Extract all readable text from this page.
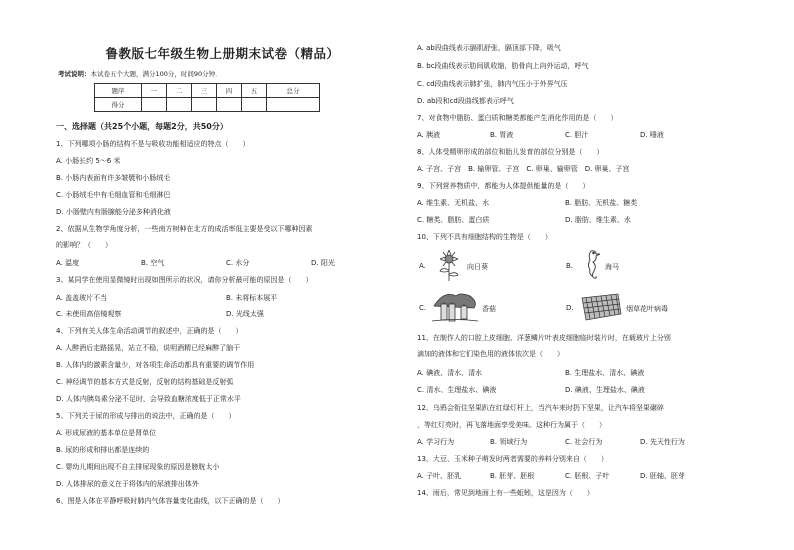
鲁教版七年级生物上册期末试卷（精品）
考试说明：本试卷五个大题，满分100分，时间90分钟．
题序	一	二	三	四	五	总分
得分						
一、选择题（共25个小题，每题2分，共50分）
1、下列哪项小肠的结构不是与吸收功能相适应的特点（　　）
A. 小肠长约 5～6 米
B. 小肠内表面有许多皱襞和小肠绒毛
C. 小肠绒毛中有毛细血管和毛细淋巴
D. 小肠壁内有肠腺能分泌多种消化液
2、依据从生物学角度分析，一些南方树种在北方的成活率低主要是受以下哪种因素
的影响？（　　）
A. 温度	B. 空气	C. 水分	D. 阳光
3、某同学在使用显微镜时出现如图所示的状况，请你分析最可能的原因是（　　）
A. 盖盖玻片不当	B. 未将标本展平
C. 未使用高倍镜观察	D. 光线太强
4、下列有关人体生命活动调节的叙述中，正确的是（　　）
A. 人醉酒后走路摇晃，站立不稳，说明酒精已经麻醉了脑干
B. 人体内的激素含量少，对各项生命活动都具有重要的调节作用
C. 神经调节的基本方式是反射，反射的结构基础是反射弧
D. 人体内胰岛素分泌不足时，会导致血糖浓度低于正常水平
5、下列关于尿的形成与排出的说法中，正确的是（　　）
A. 形成尿液的基本单位是肾单位
B. 尿的形成和排出都是连续的
C. 婴幼儿期间出现不自主排尿现象的原因是膀胱太小
D. 人体排尿的意义在于将体内的尿液排出体外
6、图是人体在平静呼吸时肺内气体容量变化曲线，以下正确的是（　　）
A. ab段曲线表示膈肌舒张，膈顶部下降，吸气
B. bc段曲线表示肋间肌收缩，肋骨向上向外运动，呼气
C. cd段曲线表示肺扩张，肺内气压小于外界气压
D. ab段和cd段曲线都表示呼气
7、对食物中脂肪、蛋白质和糖类都能产生消化作用的是（　　）
A. 胰液	B. 胃液	C. 胆汁	D. 唾液
8、人体受精卵形成的部位和胎儿发育的部位分别是（　　）
A. 子宫、子宫　B. 输卵管、子宫　C. 卵巢、输卵管　D. 卵巢、子宫
9、下列营养物质中，都能为人体提供能量的是（　　）
A. 维生素、无机盐、水	B. 脂肪、无机盐、糖类
C. 糖类、脂肪、蛋白质	D. 脂肪、维生素、水
10、下列不具有细胞结构的生物是（　　）
A.	向日葵	B.	海马
C.	香菇	D.	烟草花叶病毒
11、在制作人的口腔上皮细胞、洋葱鳞片叶表皮细胞临时装片时，在载玻片上分别
滴加的液体和它们染色用的液体依次是（　　）
A. 碘液、清水、清水	B. 生理盐水、清水、碘液
C. 清水、生理盐水、碘液	D. 碘液、生理盐水、碘液
12、乌鸦会衔住坚果趴在红绿灯杆上，当汽车来时扔下坚果，让汽车将坚果碾碎
，等红灯亮时，再飞落地面享受美味。这种行为属于（　　）
A. 学习行为	B. 领域行为	C. 社会行为	D. 先天性行为
13、大豆、玉米种子萌发时两者需要的养料分别来自（　　）
A. 子叶、胚乳	B. 胚芽、胚根	C. 胚根、子叶	D. 胚轴、胚芽
14、雨后，常见到地面上有一些蚯蚓，这是因为（　　）
